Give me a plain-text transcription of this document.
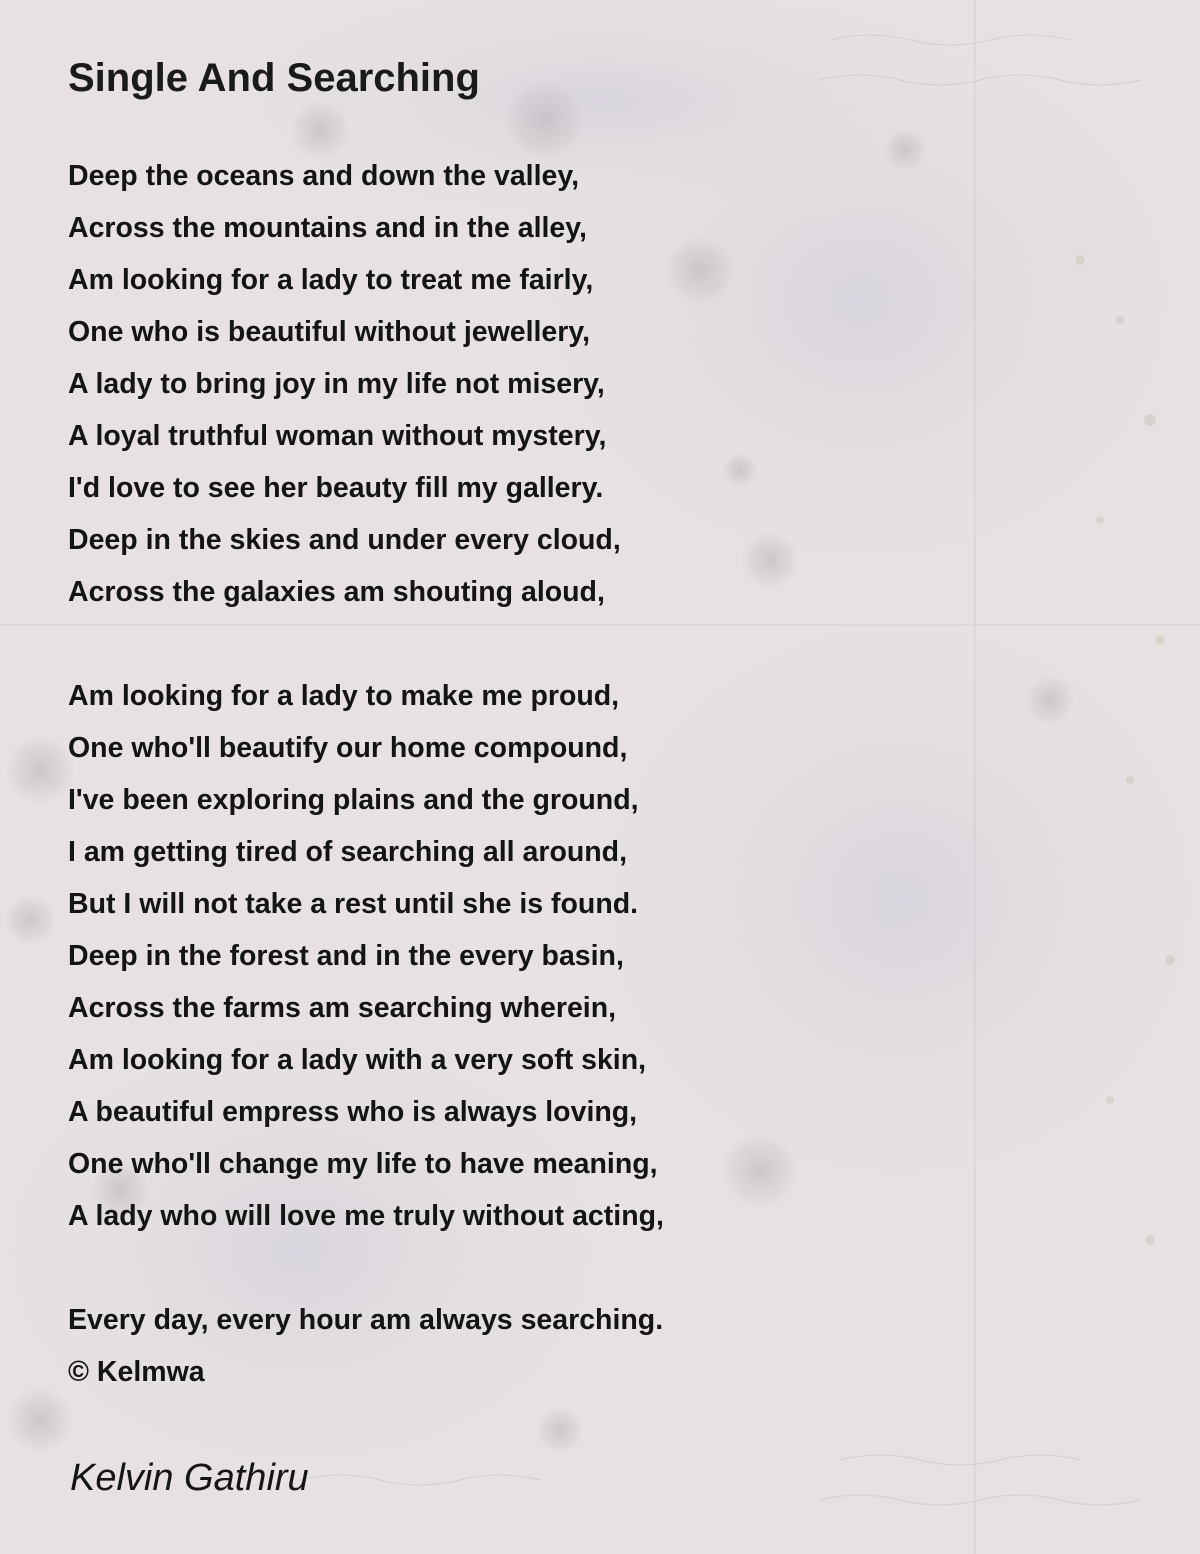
Single And Searching
Deep the oceans and down the valley,
Across the mountains and in the alley,
Am looking for a lady to treat me fairly,
One who is beautiful without jewellery,
A lady to bring joy in my life not misery,
A loyal truthful woman without mystery,
I'd love to see her beauty fill my gallery.
Deep in the skies and under every cloud,
Across the galaxies am shouting aloud,
Am looking for a lady to make me proud,
One who'll beautify our home compound,
I've been exploring plains and the ground,
I am getting tired of searching all around,
But I will not take a rest until she is found.
Deep in the forest and in the every basin,
Across the farms am searching wherein,
Am looking for a lady with a very soft skin,
A beautiful empress who is always loving,
One who'll change my life to have meaning,
A lady who will love me truly without acting,
Every day, every hour am always searching.
© Kelmwa
Kelvin Gathiru
